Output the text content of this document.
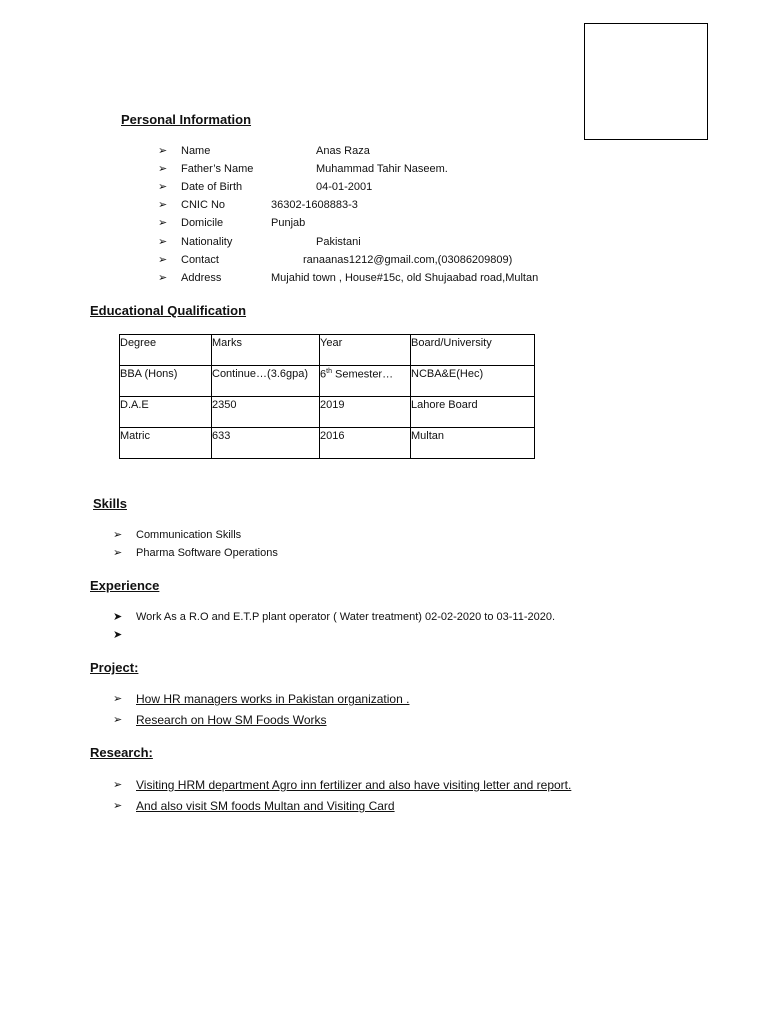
Personal Information
➢ Name	Anas Raza
➢ Father’s Name	Muhammad Tahir Naseem.
➢ Date of Birth	04-01-2001
➢ CNIC No	36302-1608883-3
➢ Domicile	Punjab
➢ Nationality	Pakistani
➢ Contact	ranaanas1212@gmail.com,(03086209809)
➢ Address	Mujahid town , House#15c, old Shujaabad road,Multan
Educational Qualification
Degree	Marks	Year	Board/University

BBA (Hons)	Continue…(3.6gpa)	6th Semester…	NCBA&E(Hec)

D.A.E	2350	2019	Lahore Board

Matric	633	2016	Multan
Skills
➢ Communication Skills
➢ Pharma Software Operations
Experience
➤ Work As a R.O and E.T.P plant operator ( Water treatment) 02-02-2020 to 03-11-2020.
➤
Project:
➢ How HR managers works in Pakistan organization .
➢ Research on How SM Foods Works
Research:
➢ Visiting HRM department Agro inn fertilizer and also have visiting letter and report.
➢ And also visit SM foods Multan and Visiting Card
